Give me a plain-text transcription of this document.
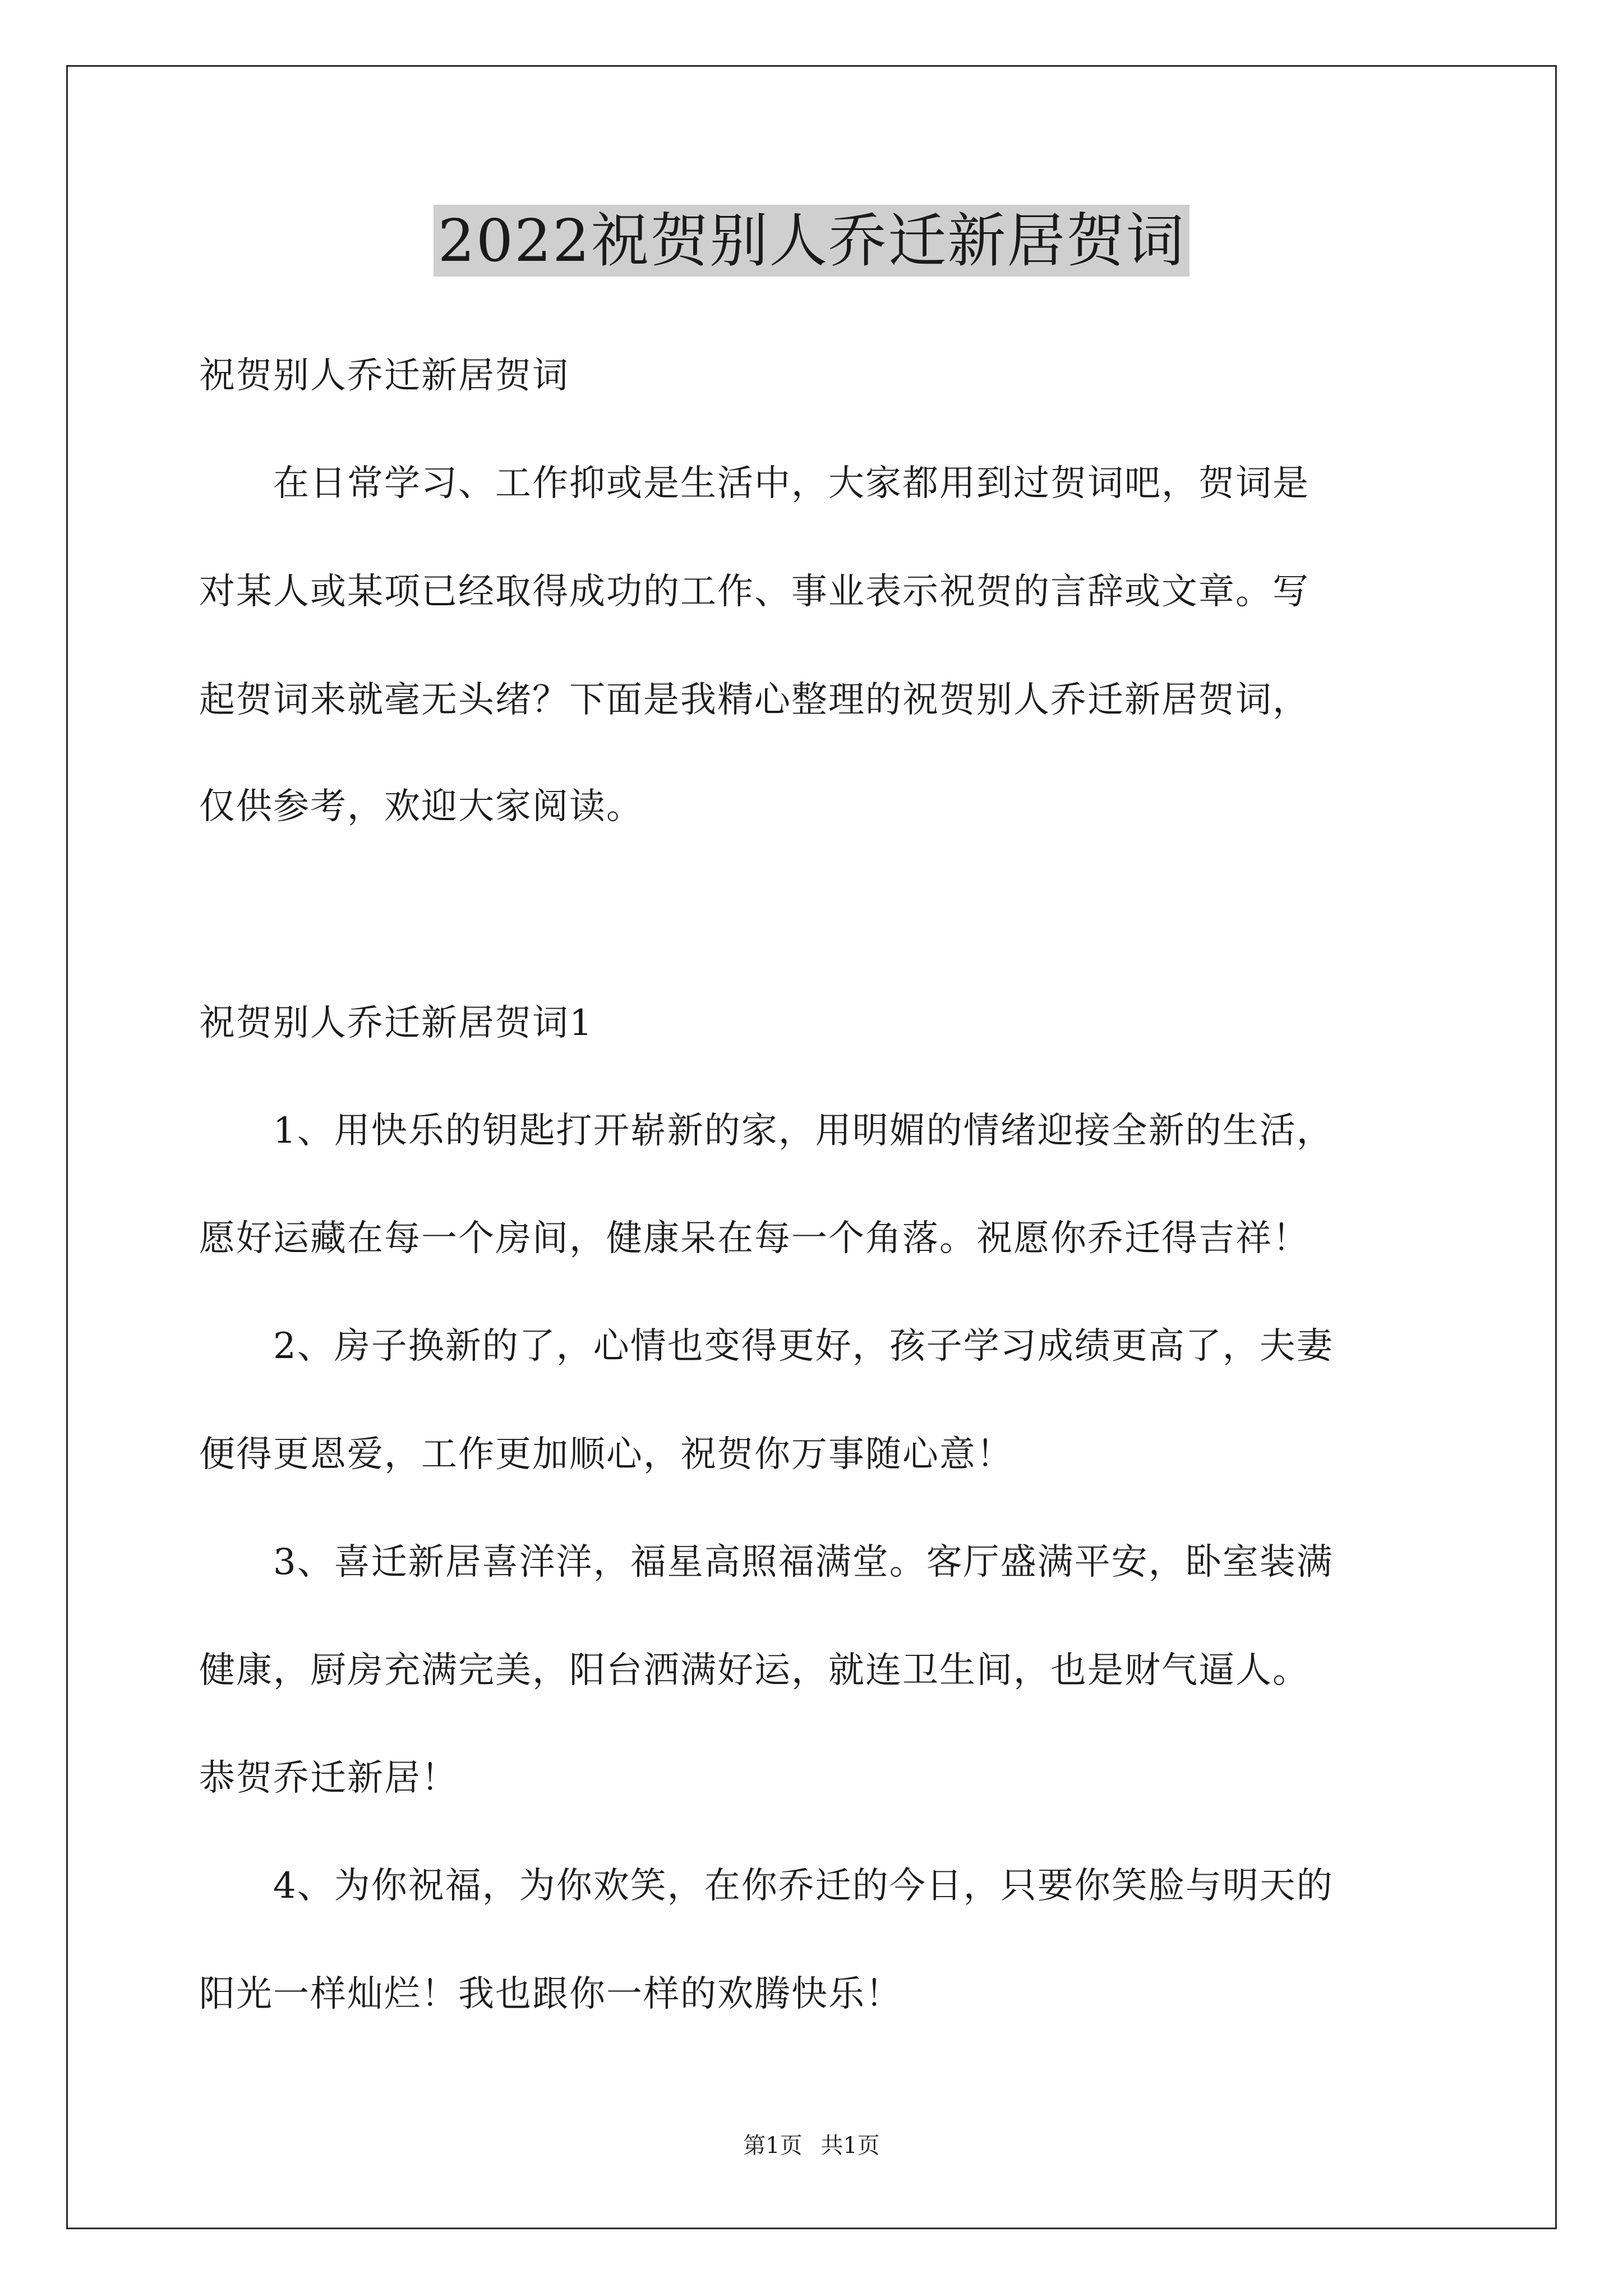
2022祝贺别人乔迁新居贺词

祝贺别人乔迁新居贺词

　　在日常学习、工作抑或是生活中，大家都用到过贺词吧，贺词是

对某人或某项已经取得成功的工作、事业表示祝贺的言辞或文章。写

起贺词来就毫无头绪？下面是我精心整理的祝贺别人乔迁新居贺词，

仅供参考，欢迎大家阅读。

祝贺别人乔迁新居贺词1

　　1、用快乐的钥匙打开崭新的家，用明媚的情绪迎接全新的生活，

愿好运藏在每一个房间，健康呆在每一个角落。祝愿你乔迁得吉祥！

　　2、房子换新的了，心情也变得更好，孩子学习成绩更高了，夫妻

便得更恩爱，工作更加顺心，祝贺你万事随心意！

　　3、喜迁新居喜洋洋，福星高照福满堂。客厅盛满平安，卧室装满

健康，厨房充满完美，阳台洒满好运，就连卫生间，也是财气逼人。

恭贺乔迁新居！

　　4、为你祝福，为你欢笑，在你乔迁的今日，只要你笑脸与明天的

阳光一样灿烂！我也跟你一样的欢腾快乐！

第1页 共1页
